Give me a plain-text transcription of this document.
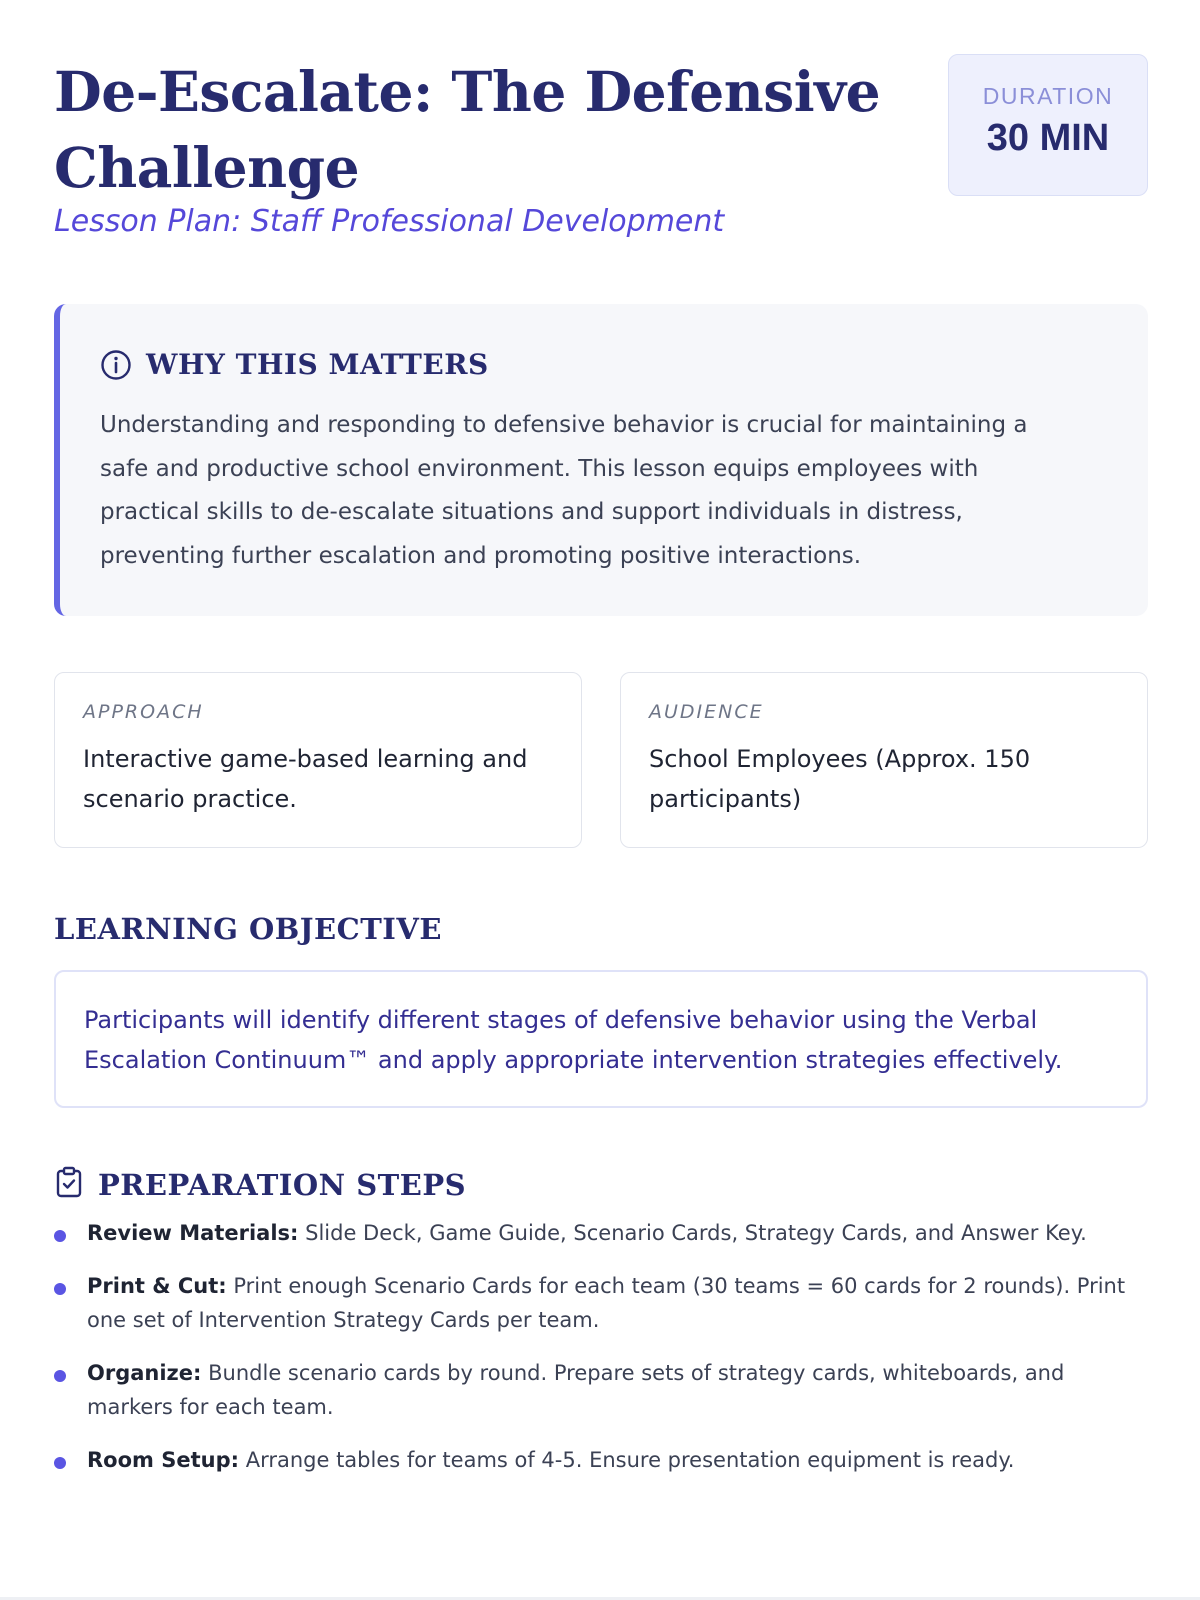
De-Escalate: The Defensive Challenge
Lesson Plan: Staff Professional Development
DURATION
30 MIN
WHY THIS MATTERS

Understanding and responding to defensive behavior is crucial for maintaining a safe and productive school environment. This lesson equips employees with practical skills to de-escalate situations and support individuals in distress, preventing further escalation and promoting positive interactions.

APPROACH
Interactive game-based learning and scenario practice.
AUDIENCE
School Employees (Approx. 150 participants)
LEARNING OBJECTIVE

Participants will identify different stages of defensive behavior using the Verbal Escalation Continuum™ and apply appropriate intervention strategies effectively.

PREPARATION STEPS
Review Materials: Slide Deck, Game Guide, Scenario Cards, Strategy Cards, and Answer Key.
Print & Cut: Print enough Scenario Cards for each team (30 teams = 60 cards for 2 rounds). Print one set of Intervention Strategy Cards per team.
Organize: Bundle scenario cards by round. Prepare sets of strategy cards, whiteboards, and markers for each team.
Room Setup: Arrange tables for teams of 4-5. Ensure presentation equipment is ready.
